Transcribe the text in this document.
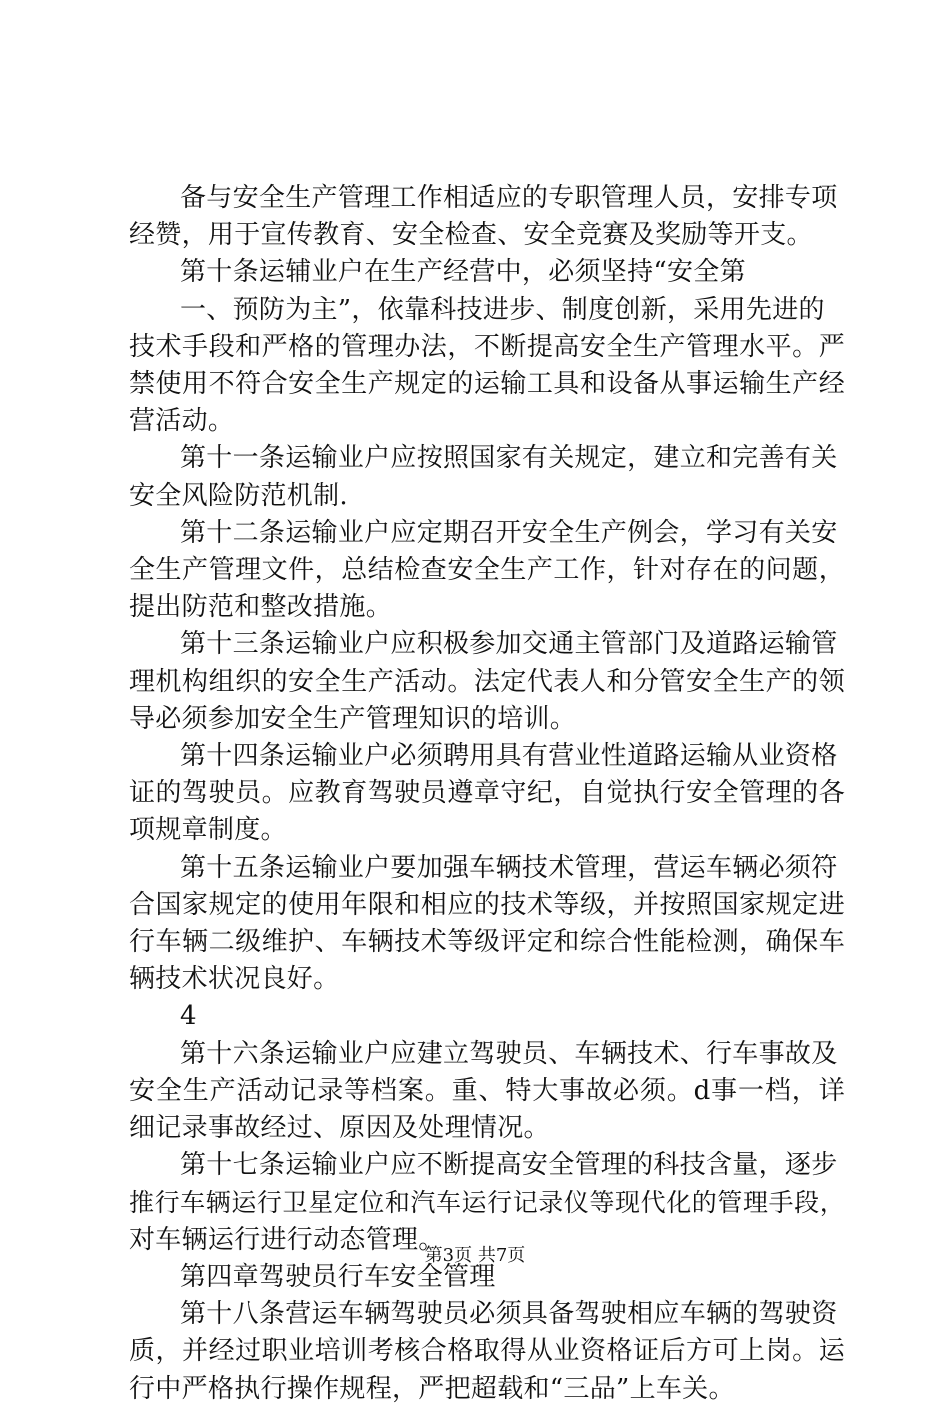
备与安全生产管理工作相适应的专职管理人员，安排专项
经赞，用于宣传教育、安全检查、安全竞赛及奖励等开支。
第十条运辅业户在生产经营中，必须坚持“安全第
一、预防为主”，依靠科技进步、制度创新，采用先进的
技术手段和严格的管理办法，不断提高安全生产管理水平。严
禁使用不符合安全生产规定的运输工具和设备从事运输生产经
营活动。
第十一条运输业户应按照国家有关规定，建立和完善有关
安全风险防范机制.
第十二条运输业户应定期召开安全生产例会，学习有关安
全生产管理文件，总结检查安全生产工作，针对存在的问题，
提出防范和整改措施。
第十三条运输业户应积极参加交通主管部门及道路运输管
理机构组织的安全生产活动。法定代表人和分管安全生产的领
导必须参加安全生产管理知识的培训。
第十四条运输业户必须聘用具有营业性道路运输从业资格
证的驾驶员。应教育驾驶员遵章守纪，自觉执行安全管理的各
项规章制度。
第十五条运输业户要加强车辆技术管理，营运车辆必须符
合国家规定的使用年限和相应的技术等级，并按照国家规定进
行车辆二级维护、车辆技术等级评定和综合性能检测，确保车
辆技术状况良好。
4
第十六条运输业户应建立驾驶员、车辆技术、行车事故及
安全生产活动记录等档案。重、特大事故必须。d事一档，详
细记录事故经过、原因及处理情况。
第十七条运输业户应不断提高安全管理的科技含量，逐步
推行车辆运行卫星定位和汽车运行记录仪等现代化的管理手段，
对车辆运行进行动态管理。
第四章驾驶员行车安全管理
第十八条营运车辆驾驶员必须具备驾驶相应车辆的驾驶资
质，并经过职业培训考核合格取得从业资格证后方可上岗。运
行中严格执行操作规程，严把超载和“三品”上车关。
第3页 共7页
